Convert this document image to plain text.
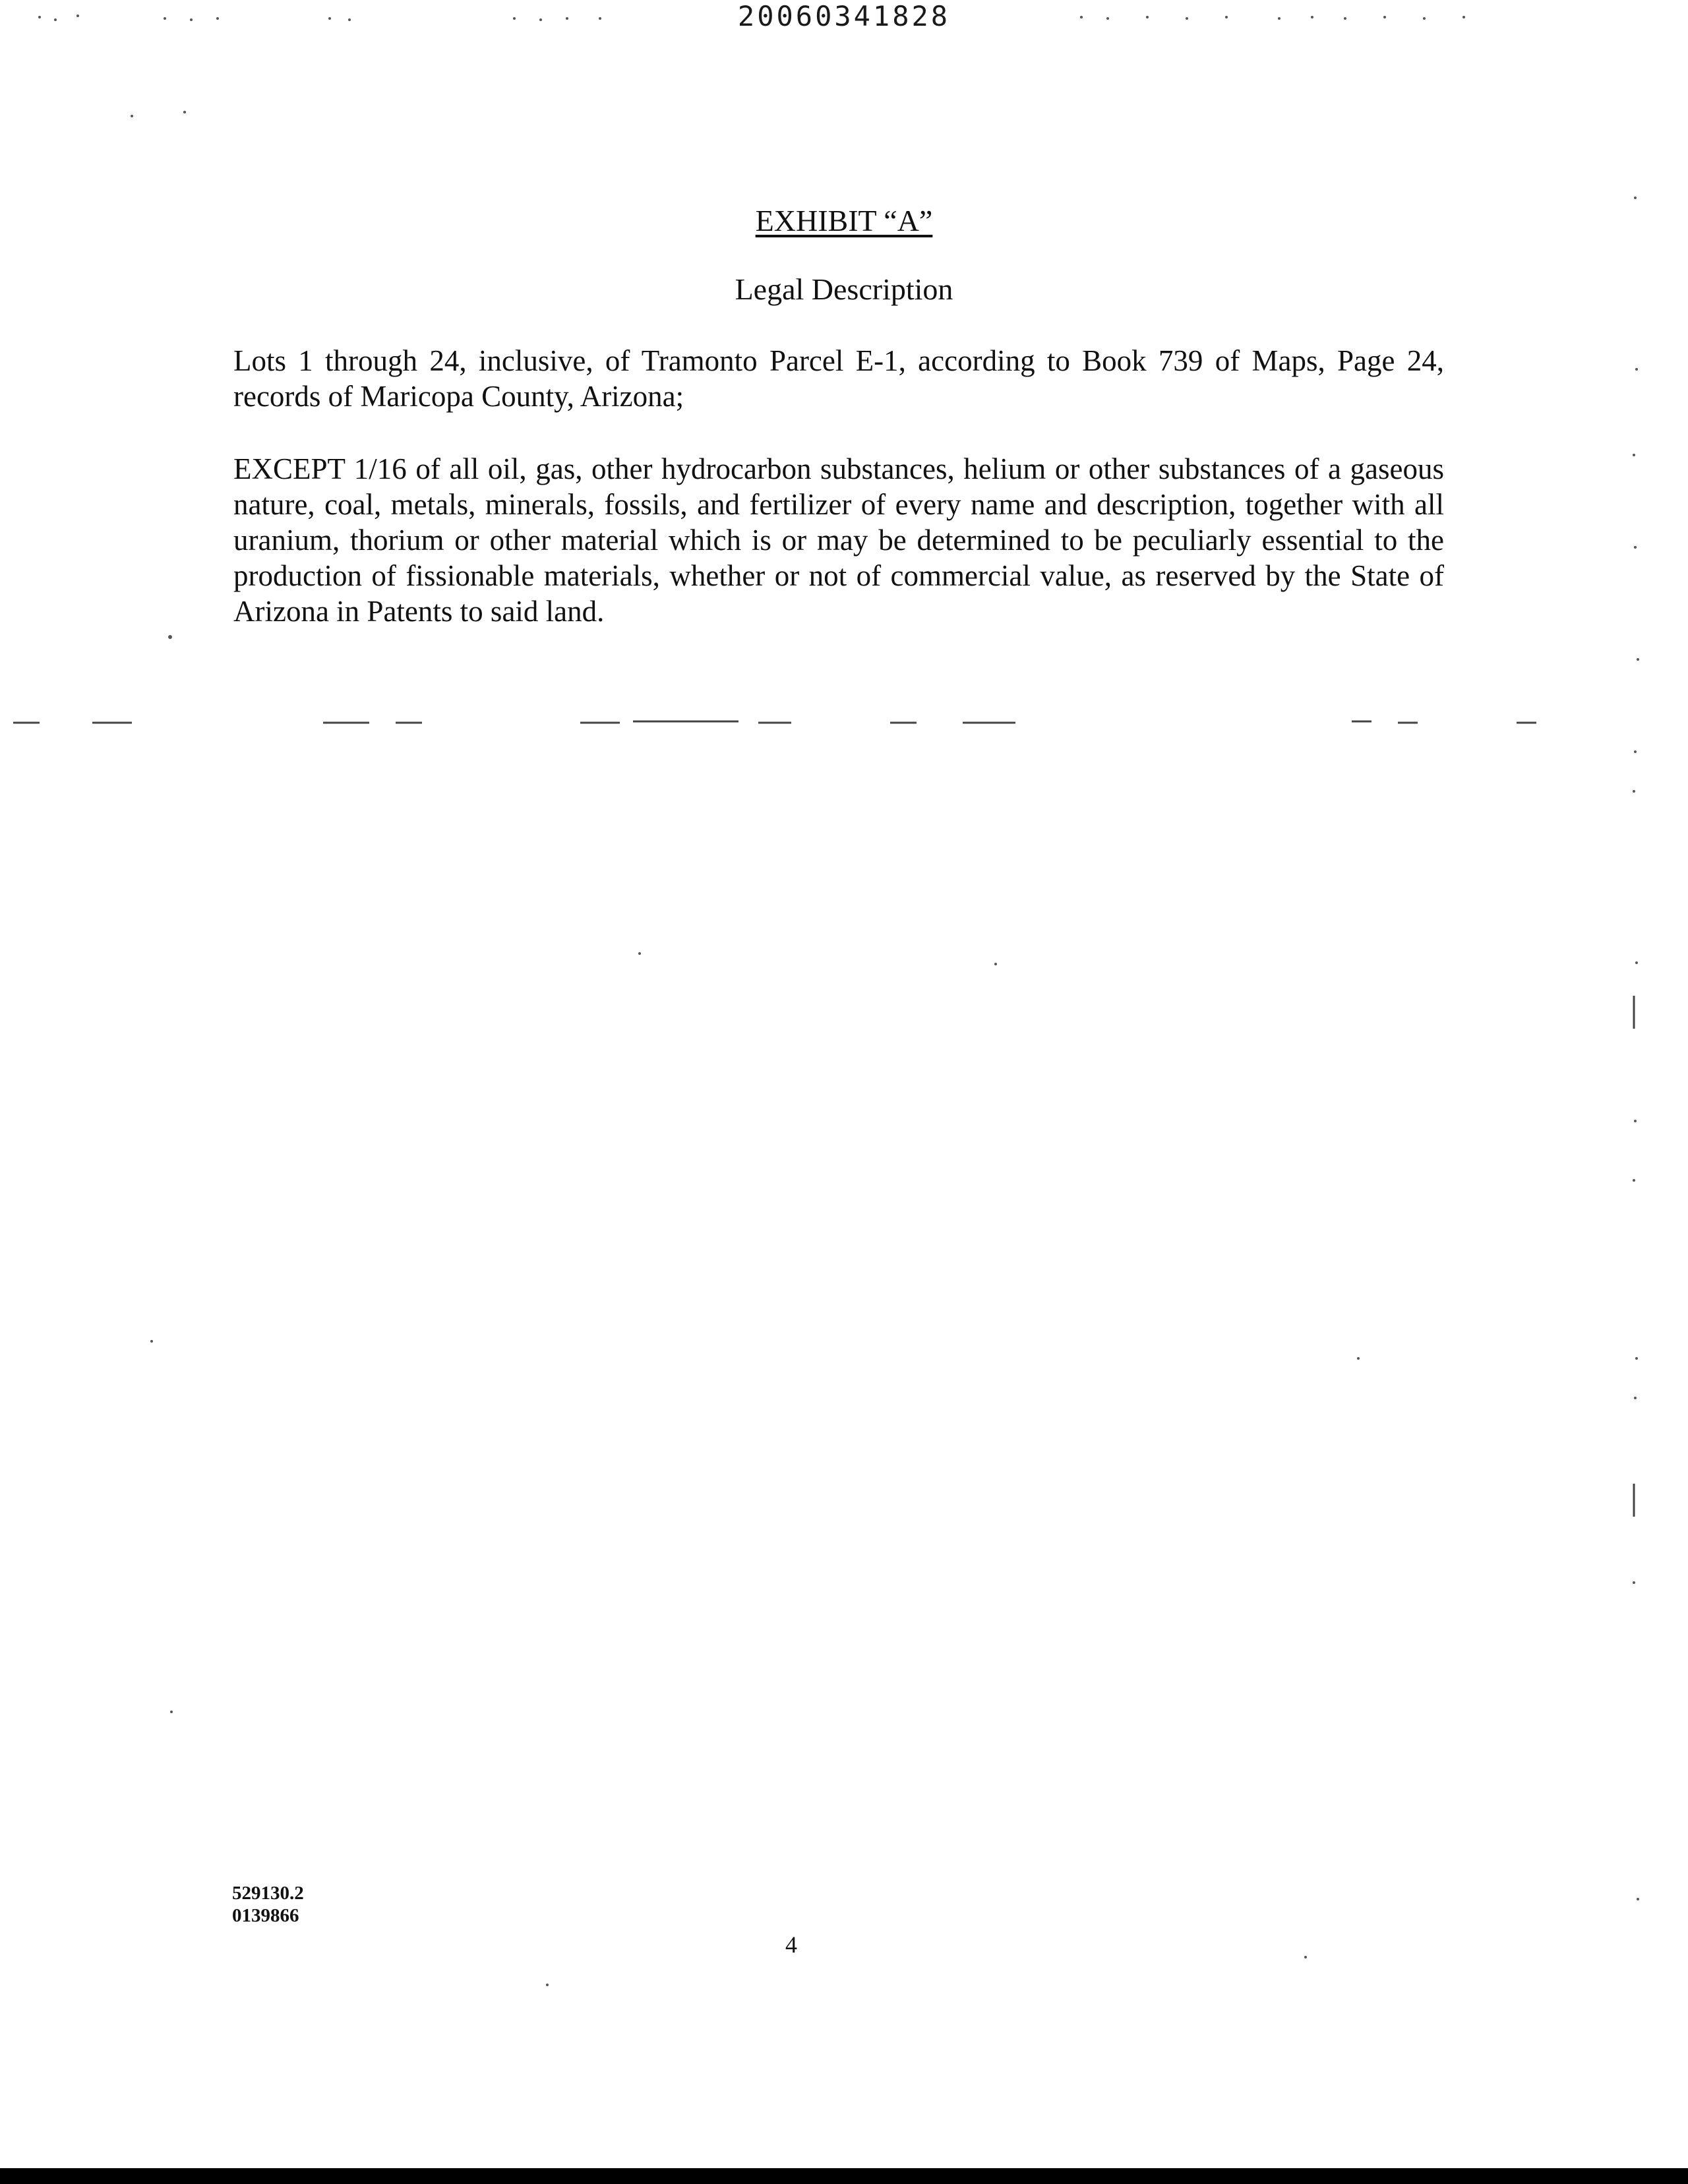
20060341828
EXHIBIT “A”
Legal Description
Lots 1 through 24, inclusive, of Tramonto Parcel E-1, according to Book 739 of Maps, Page 24, records of Maricopa County, Arizona;
EXCEPT 1/16 of all oil, gas, other hydrocarbon substances, helium or other substances of a gaseous nature, coal, metals, minerals, fossils, and fertilizer of every name and description, together with all uranium, thorium or other material which is or may be determined to be peculiarly essential to the production of fissionable materials, whether or not of commercial value, as reserved by the State of Arizona in Patents to said land.
529130.2
0139866
4
